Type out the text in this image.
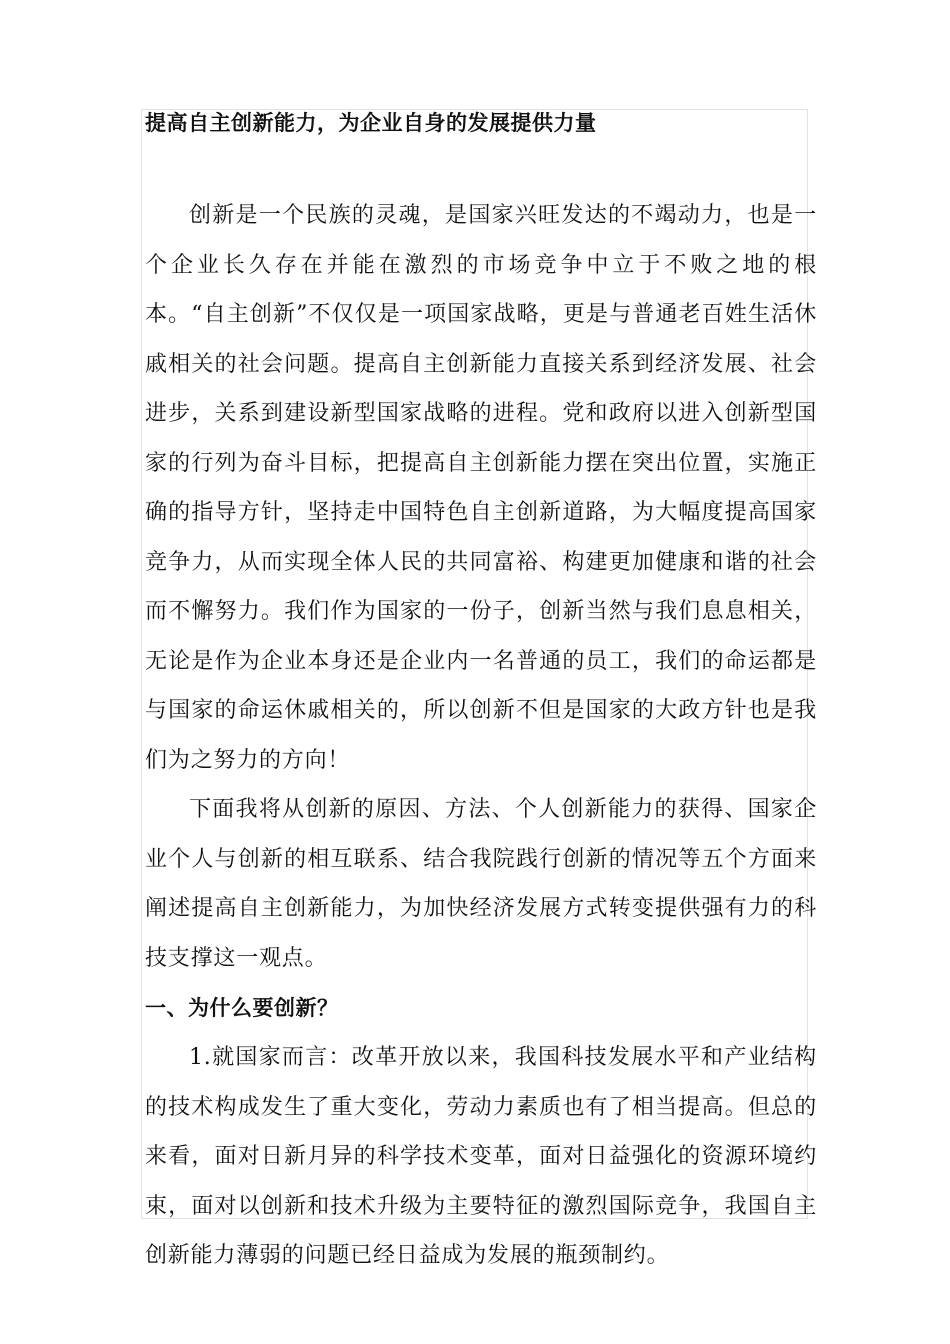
提高自主创新能力，为企业自身的发展提供力量

创新是一个民族的灵魂，是国家兴旺发达的不竭动力，也是一个企业长久存在并能在激烈的市场竞争中立于不败之地的根本。“自主创新”不仅仅是一项国家战略，更是与普通老百姓生活休戚相关的社会问题。提高自主创新能力直接关系到经济发展、社会进步，关系到建设新型国家战略的进程。党和政府以进入创新型国家的行列为奋斗目标，把提高自主创新能力摆在突出位置，实施正确的指导方针，坚持走中国特色自主创新道路，为大幅度提高国家竞争力，从而实现全体人民的共同富裕、构建更加健康和谐的社会而不懈努力。我们作为国家的一份子，创新当然与我们息息相关，无论是作为企业本身还是企业内一名普通的员工，我们的命运都是与国家的命运休戚相关的，所以创新不但是国家的大政方针也是我们为之努力的方向！

下面我将从创新的原因、方法、个人创新能力的获得、国家企业个人与创新的相互联系、结合我院践行创新的情况等五个方面来阐述提高自主创新能力，为加快经济发展方式转变提供强有力的科技支撑这一观点。

一、为什么要创新？

1.就国家而言：改革开放以来，我国科技发展水平和产业结构的技术构成发生了重大变化，劳动力素质也有了相当提高。但总的来看，面对日新月异的科学技术变革，面对日益强化的资源环境约束，面对以创新和技术升级为主要特征的激烈国际竞争，我国自主创新能力薄弱的问题已经日益成为发展的瓶颈制约。
